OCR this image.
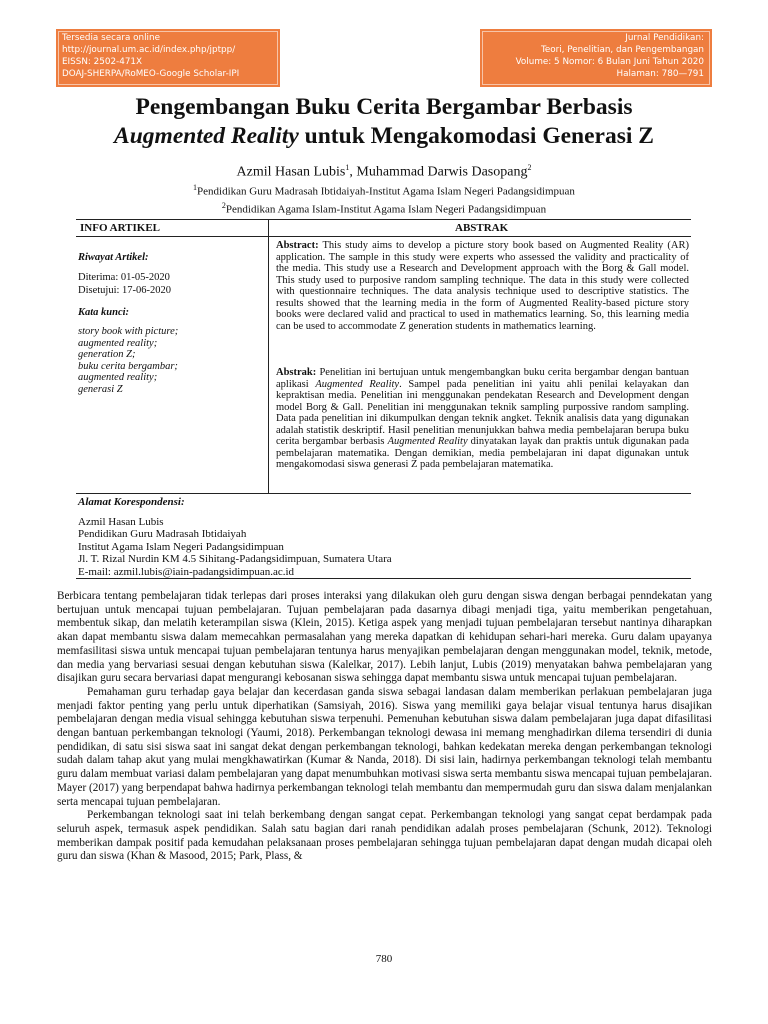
Tersedia secara online
http://journal.um.ac.id/index.php/jptpp/
EISSN: 2502-471X
DOAJ-SHERPA/RoMEO-Google Scholar-IPI
Jurnal Pendidikan:
Teori, Penelitian, dan Pengembangan
Volume: 5 Nomor: 6 Bulan Juni Tahun 2020
Halaman: 780—791
Pengembangan Buku Cerita Bergambar Berbasis
Augmented Reality untuk Mengakomodasi Generasi Z
Azmil Hasan Lubis$^1$, Muhammad Darwis Dasopang$^2$
$^1$Pendidikan Guru Madrasah Ibtidaiyah-Institut Agama Islam Negeri Padangsidimpuan
$^2$Pendidikan Agama Islam-Institut Agama Islam Negeri Padangsidimpuan
INFO ARTIKEL	ABSTRAK
Riwayat Artikel:
Diterima: 01-05-2020
Disetujui: 17-06-2020
Kata kunci:
story book with picture;
augmented reality;
generation Z;
buku cerita bergambar;
augmented reality;
generasi Z
Abstract: This study aims to develop a picture story book based on Augmented Reality (AR) application. The sample in this study were experts who assessed the validity and practicality of the media. This study use a Research and Development approach with the Borg & Gall model. This study used to purposive random sampling technique. The data in this study were collected with questionnaire techniques. The data analysis technique used to descriptive statistics. The results showed that the learning media in the form of Augmented Reality-based picture story books were declared valid and practical to used in mathematics learning. So, this learning media can be used to accommodate Z generation students in mathematics learning.
Abstrak: Penelitian ini bertujuan untuk mengembangkan buku cerita bergambar dengan bantuan aplikasi Augmented Reality. Sampel pada penelitian ini yaitu ahli penilai kelayakan dan kepraktisan media. Penelitian ini menggunakan pendekatan Research and Development dengan model Borg & Gall. Penelitian ini menggunakan teknik sampling purpossive random sampling. Data pada penelitian ini dikumpulkan dengan teknik angket. Teknik analisis data yang digunakan adalah statistik deskriptif. Hasil penelitian menunjukkan bahwa media pembelajaran berupa buku cerita bergambar berbasis Augmented Reality dinyatakan layak dan praktis untuk digunakan pada pembelajaran matematika. Dengan demikian, media pembelajaran ini dapat digunakan untuk mengakomodasi siswa generasi Z pada pembelajaran matematika.
Alamat Korespondensi:
Azmil Hasan Lubis
Pendidikan Guru Madrasah Ibtidaiyah
Institut Agama Islam Negeri Padangsidimpuan
Jl. T. Rizal Nurdin KM 4.5 Sihitang-Padangsidimpuan, Sumatera Utara
E-mail: azmil.lubis@iain-padangsidimpuan.ac.id

Berbicara tentang pembelajaran tidak terlepas dari proses interaksi yang dilakukan oleh guru dengan siswa dengan berbagai penndekatan yang bertujuan untuk mencapai tujuan pembelajaran. Tujuan pembelajaran pada dasarnya dibagi menjadi tiga, yaitu memberikan pengetahuan, membentuk sikap, dan melatih keterampilan siswa (Klein, 2015). Ketiga aspek yang menjadi tujuan pembelajaran tersebut nantinya diharapkan akan dapat membantu siswa dalam memecahkan permasalahan yang mereka dapatkan di kehidupan sehari-hari mereka. Guru dalam upayanya memfasilitasi siswa untuk mencapai tujuan pembelajaran tentunya harus menyajikan pembelajaran dengan menggunakan model, teknik, metode, dan media yang bervariasi sesuai dengan kebutuhan siswa (Kalelkar, 2017). Lebih lanjut, Lubis (2019) menyatakan bahwa pembelajaran yang disajikan guru secara bervariasi dapat mengurangi kebosanan siswa sehingga dapat membantu siswa untuk mencapai tujuan pembelajaran.

Pemahaman guru terhadap gaya belajar dan kecerdasan ganda siswa sebagai landasan dalam memberikan perlakuan pembelajaran juga menjadi faktor penting yang perlu untuk diperhatikan (Samsiyah, 2016). Siswa yang memiliki gaya belajar visual tentunya harus disajikan pembelajaran dengan media visual sehingga kebutuhan siswa terpenuhi. Pemenuhan kebutuhan siswa dalam pembelajaran juga dapat difasilitasi dengan bantuan perkembangan teknologi (Yaumi, 2018). Perkembangan teknologi dewasa ini memang menghadirkan dilema tersendiri di dunia pendidikan, di satu sisi siswa saat ini sangat dekat dengan perkembangan teknologi, bahkan kedekatan mereka dengan perkembangan teknologi sudah dalam tahap akut yang mulai mengkhawatirkan (Kumar & Nanda, 2018). Di sisi lain, hadirnya perkembangan teknologi telah membantu guru dalam membuat variasi dalam pembelajaran yang dapat menumbuhkan motivasi siswa serta membantu siswa mencapai tujuan pembelajaran. Mayer (2017) yang berpendapat bahwa hadirnya perkembangan teknologi telah membantu dan mempermudah guru dan siswa dalam menjalankan serta mencapai tujuan pembelajaran.

Perkembangan teknologi saat ini telah berkembang dengan sangat cepat. Perkembangan teknologi yang sangat cepat berdampak pada seluruh aspek, termasuk aspek pendidikan. Salah satu bagian dari ranah pendidikan adalah proses pembelajaran (Schunk, 2012). Teknologi memberikan dampak positif pada kemudahan pelaksanaan proses pembelajaran sehingga tujuan pembelajaran dapat dengan mudah dicapai oleh guru dan siswa (Khan & Masood, 2015; Park, Plass, &

780
